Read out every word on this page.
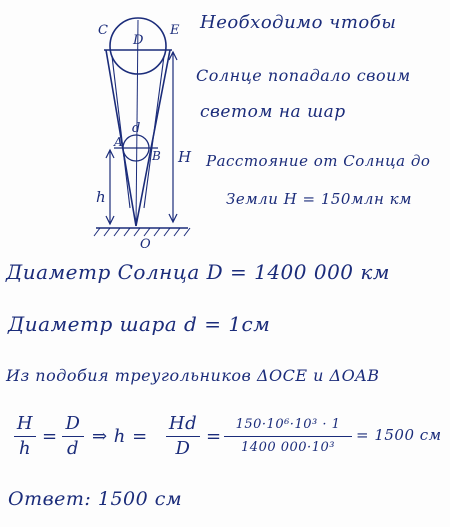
C
D
E
A
d
B H
h
O
Необходимо чтобы
Солнце попадало своим
светом на шар
Расстояние от Солнца до
Земли H = 150млн км
Диаметр Солнца D = 1400 000 км
Диаметр шара d = 1см
Из подобия треугольников ΔOCE и ΔOAB
H
h
=
D
d
⇒ h =
Hd
D
=
150·10⁶·10³ · 1
1400 000·10³
= 1500 см
Ответ: 1500 см
